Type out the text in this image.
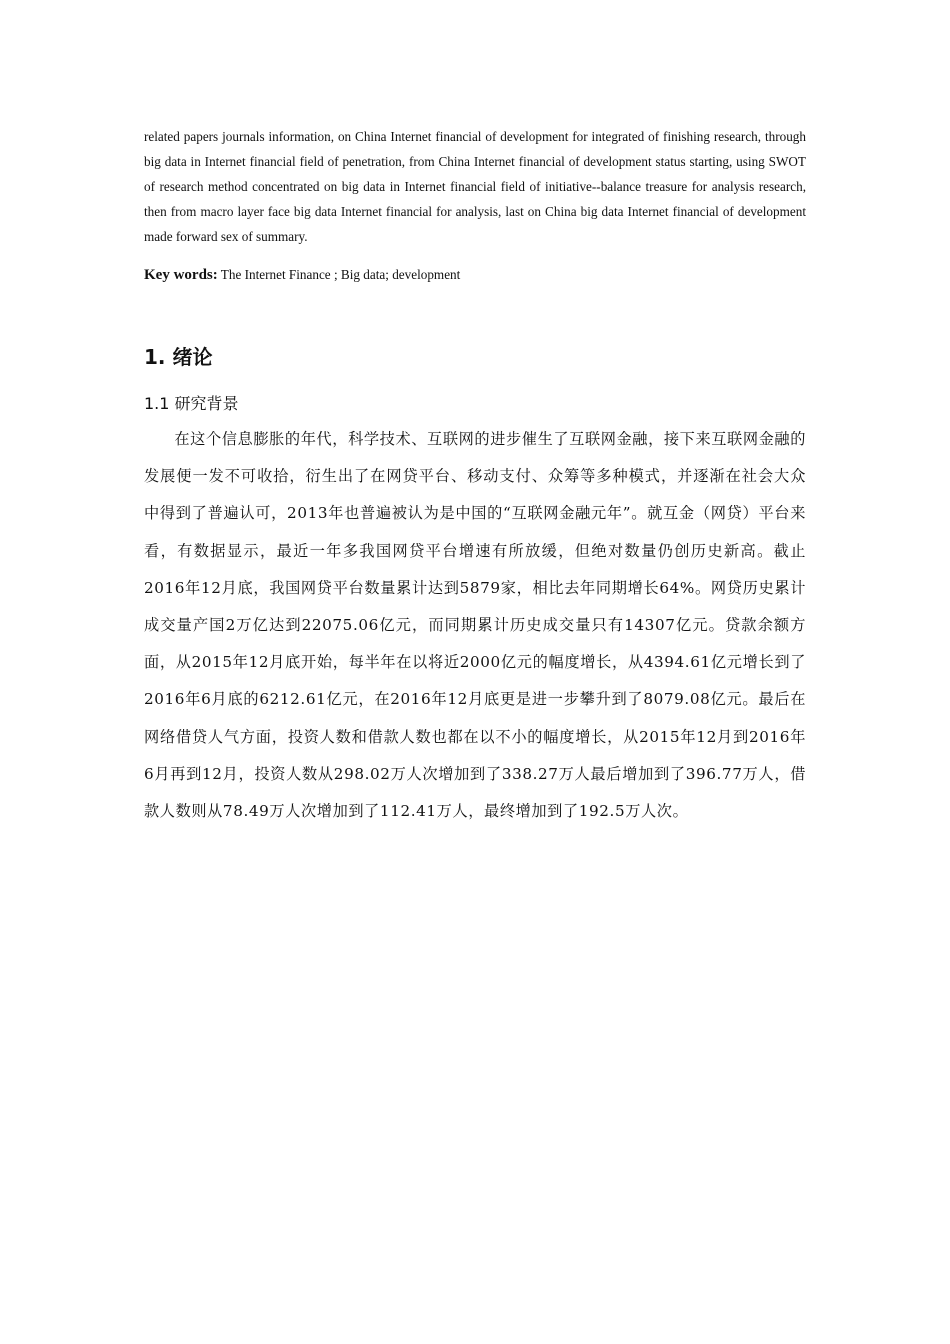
related papers journals information, on China Internet financial of development for integrated of finishing research, through big data in Internet financial field of penetration, from China Internet financial of development status starting, using SWOT of research method concentrated on big data in Internet financial field of initiative--balance treasure for analysis research, then from macro layer face big data Internet financial for analysis, last on China big data Internet financial of development made forward sex of summary.

Key words: The Internet Finance ; Big data; development

1. 绪论
1.1 研究背景

在这个信息膨胀的年代，科学技术、互联网的进步催生了互联网金融，接下来互联网金融的发展便一发不可收拾，衍生出了在网贷平台、移动支付、众筹等多种模式，并逐渐在社会大众中得到了普遍认可，2013年也普遍被认为是中国的“互联网金融元年”。就互金（网贷）平台来看，有数据显示，最近一年多我国网贷平台增速有所放缓，但绝对数量仍创历史新高。截止2016年12月底，我国网贷平台数量累计达到5879家，相比去年同期增长64%。网贷历史累计成交量产国2万亿达到22075.06亿元，而同期累计历史成交量只有14307亿元。贷款余额方面，从2015年12月底开始，每半年在以将近2000亿元的幅度增长，从4394.61亿元增长到了2016年6月底的6212.61亿元，在2016年12月底更是进一步攀升到了8079.08亿元。最后在网络借贷人气方面，投资人数和借款人数也都在以不小的幅度增长，从2015年12月到2016年6月再到12月，投资人数从298.02万人次增加到了338.27万人最后增加到了396.77万人，借款人数则从78.49万人次增加到了112.41万人，最终增加到了192.5万人次。
